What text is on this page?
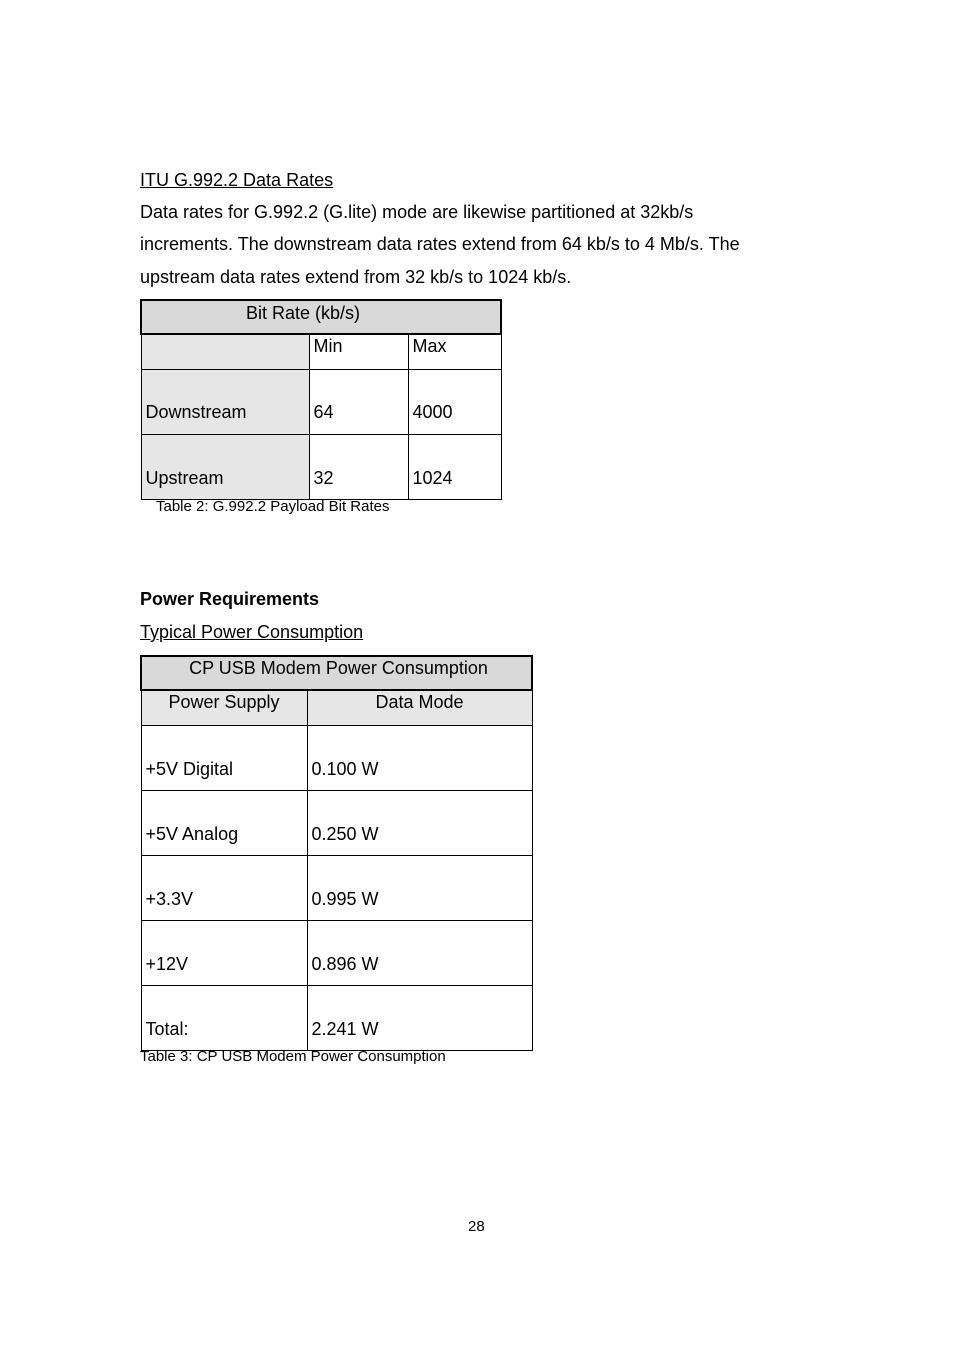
ITU G.992.2 Data Rates
Data rates for G.992.2 (G.lite) mode are likewise partitioned at 32kb/s
increments. The downstream data rates extend from 64 kb/s to 4 Mb/s. The
upstream data rates extend from 32 kb/s to 1024 kb/s.
Bit Rate (kb/s)		
	Min	Max
Downstream	64	4000
Upstream	32	1024
Table 2: G.992.2 Payload Bit Rates
Power Requirements
Typical Power Consumption
CP USB Modem Power Consumption	
Power Supply	Data Mode
+5V Digital	0.100 W
+5V Analog	0.250 W
+3.3V	0.995 W
+12V	0.896 W
Total:	2.241 W
Table 3: CP USB Modem Power Consumption
28
